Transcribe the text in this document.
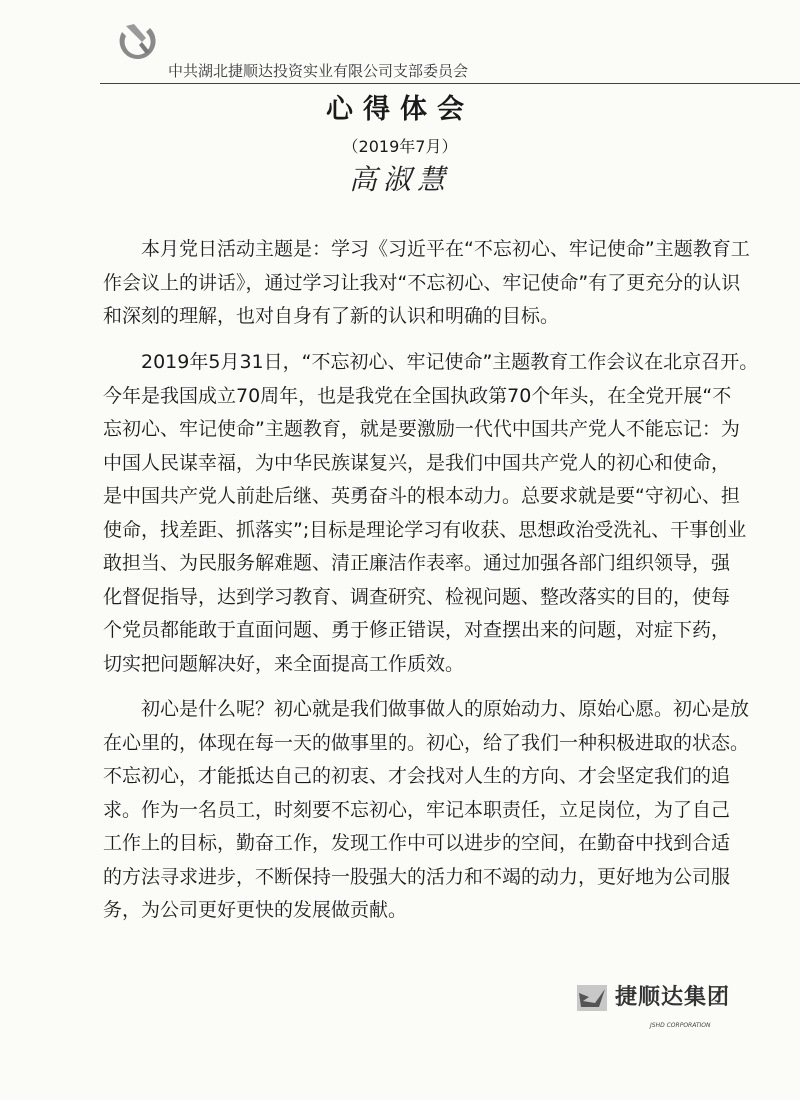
中共湖北捷顺达投资实业有限公司支部委员会
心得体会
（2019年7月）
高淑慧
本月党日活动主题是：学习《习近平在“不忘初心、牢记使命”主题教育工
作会议上的讲话》，通过学习让我对“不忘初心、牢记使命”有了更充分的认识
和深刻的理解，也对自身有了新的认识和明确的目标。
2019年5月31日，“不忘初心、牢记使命”主题教育工作会议在北京召开。
今年是我国成立70周年，也是我党在全国执政第70个年头，在全党开展“不
忘初心、牢记使命”主题教育，就是要激励一代代中国共产党人不能忘记：为
中国人民谋幸福，为中华民族谋复兴，是我们中国共产党人的初心和使命，
是中国共产党人前赴后继、英勇奋斗的根本动力。总要求就是要“守初心、担
使命，找差距、抓落实”;目标是理论学习有收获、思想政治受洗礼、干事创业
敢担当、为民服务解难题、清正廉洁作表率。通过加强各部门组织领导，强
化督促指导，达到学习教育、调查研究、检视问题、整改落实的目的，使每
个党员都能敢于直面问题、勇于修正错误，对查摆出来的问题，对症下药，
切实把问题解决好，来全面提高工作质效。
初心是什么呢？初心就是我们做事做人的原始动力、原始心愿。初心是放
在心里的，体现在每一天的做事里的。初心，给了我们一种积极进取的状态。
不忘初心，才能抵达自己的初衷、才会找对人生的方向、才会坚定我们的追
求。作为一名员工，时刻要不忘初心，牢记本职责任，立足岗位，为了自己
工作上的目标，勤奋工作，发现工作中可以进步的空间，在勤奋中找到合适
的方法寻求进步，不断保持一股强大的活力和不竭的动力，更好地为公司服
务，为公司更好更快的发展做贡献。
捷顺达集团
JSHD CORPORATION
